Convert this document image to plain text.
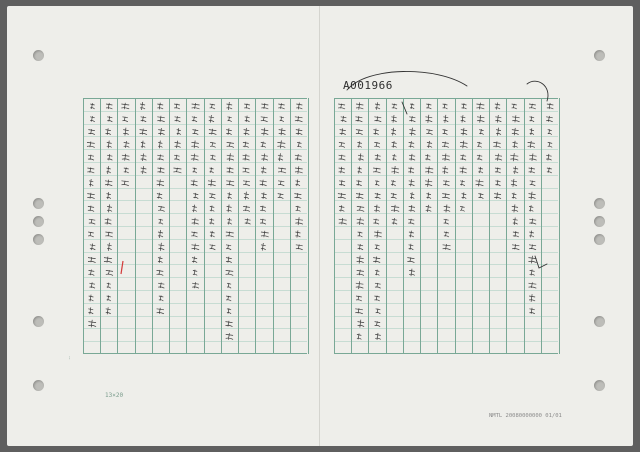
A001966
13×20
··
NMTL 20080000000 01/01
